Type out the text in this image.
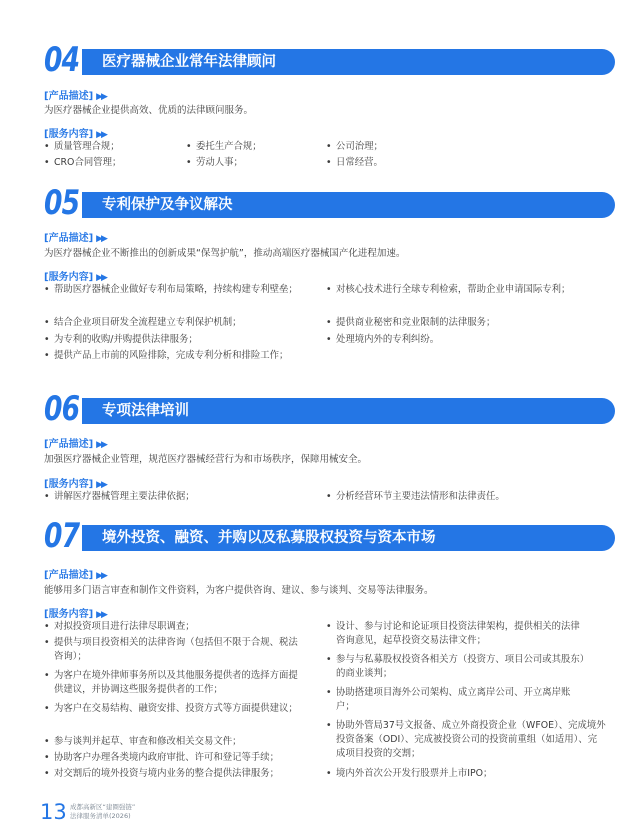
04 医疗器械企业常年法律顾问
[产品描述] ▶▶
为医疗器械企业提供高效、优质的法律顾问服务。
[服务内容] ▶▶
• 质量管理合规；	• 委托生产合规；	• 公司治理；
• CRO合同管理；	• 劳动人事；	• 日常经营。
05 专利保护及争议解决
[产品描述] ▶▶
为医疗器械企业不断推出的创新成果“保驾护航”，推动高端医疗器械国产化进程加速。
[服务内容] ▶▶
• 帮助医疗器械企业做好专利布局策略，持续构建专利壁垒；
• 结合企业项目研发全流程建立专利保护机制；
• 为专利的收购/并购提供法律服务；
• 提供产品上市前的风险排除，完成专利分析和排险工作；
• 对核心技术进行全球专利检索，帮助企业申请国际专利；
• 提供商业秘密和竞业限制的法律服务；
• 处理境内外的专利纠纷。
06 专项法律培训
[产品描述] ▶▶
加强医疗器械企业管理，规范医疗器械经营行为和市场秩序，保障用械安全。
[服务内容] ▶▶
• 讲解医疗器械管理主要法律依据；	• 分析经营环节主要违法情形和法律责任。
07 境外投资、融资、并购以及私募股权投资与资本市场
[产品描述] ▶▶
能够用多门语言审查和制作文件资料，为客户提供咨询、建议、参与谈判、交易等法律服务。
[服务内容] ▶▶
• 对拟投资项目进行法律尽职调查；
• 提供与项目投资相关的法律咨询（包括但不限于合规、税法咨询）；
• 为客户在境外律师事务所以及其他服务提供者的选择方面提供建议，并协调这些服务提供者的工作；
• 为客户在交易结构、融资安排、投资方式等方面提供建议；
• 参与谈判并起草、审查和修改相关交易文件；
• 协助客户办理各类境内政府审批、许可和登记等手续；
• 对交割后的境外投资与境内业务的整合提供法律服务；
• 设计、参与讨论和论证项目投资法律架构，提供相关的法律咨询意见，起草投资交易法律文件；
• 参与与私募股权投资各相关方（投资方、项目公司或其股东）的商业谈判；
• 协助搭建项目海外公司架构、成立离岸公司、开立离岸账户；
• 协助外管局37号文报备、成立外商投资企业（WFOE）、完成境外投资备案（ODI）、完成被投资公司的投资前重组（如适用）、完成项目投资的交割；
• 境内外首次公开发行股票并上市IPO；
13 成都高新区“建圈强链”
法律服务清单(2026)
